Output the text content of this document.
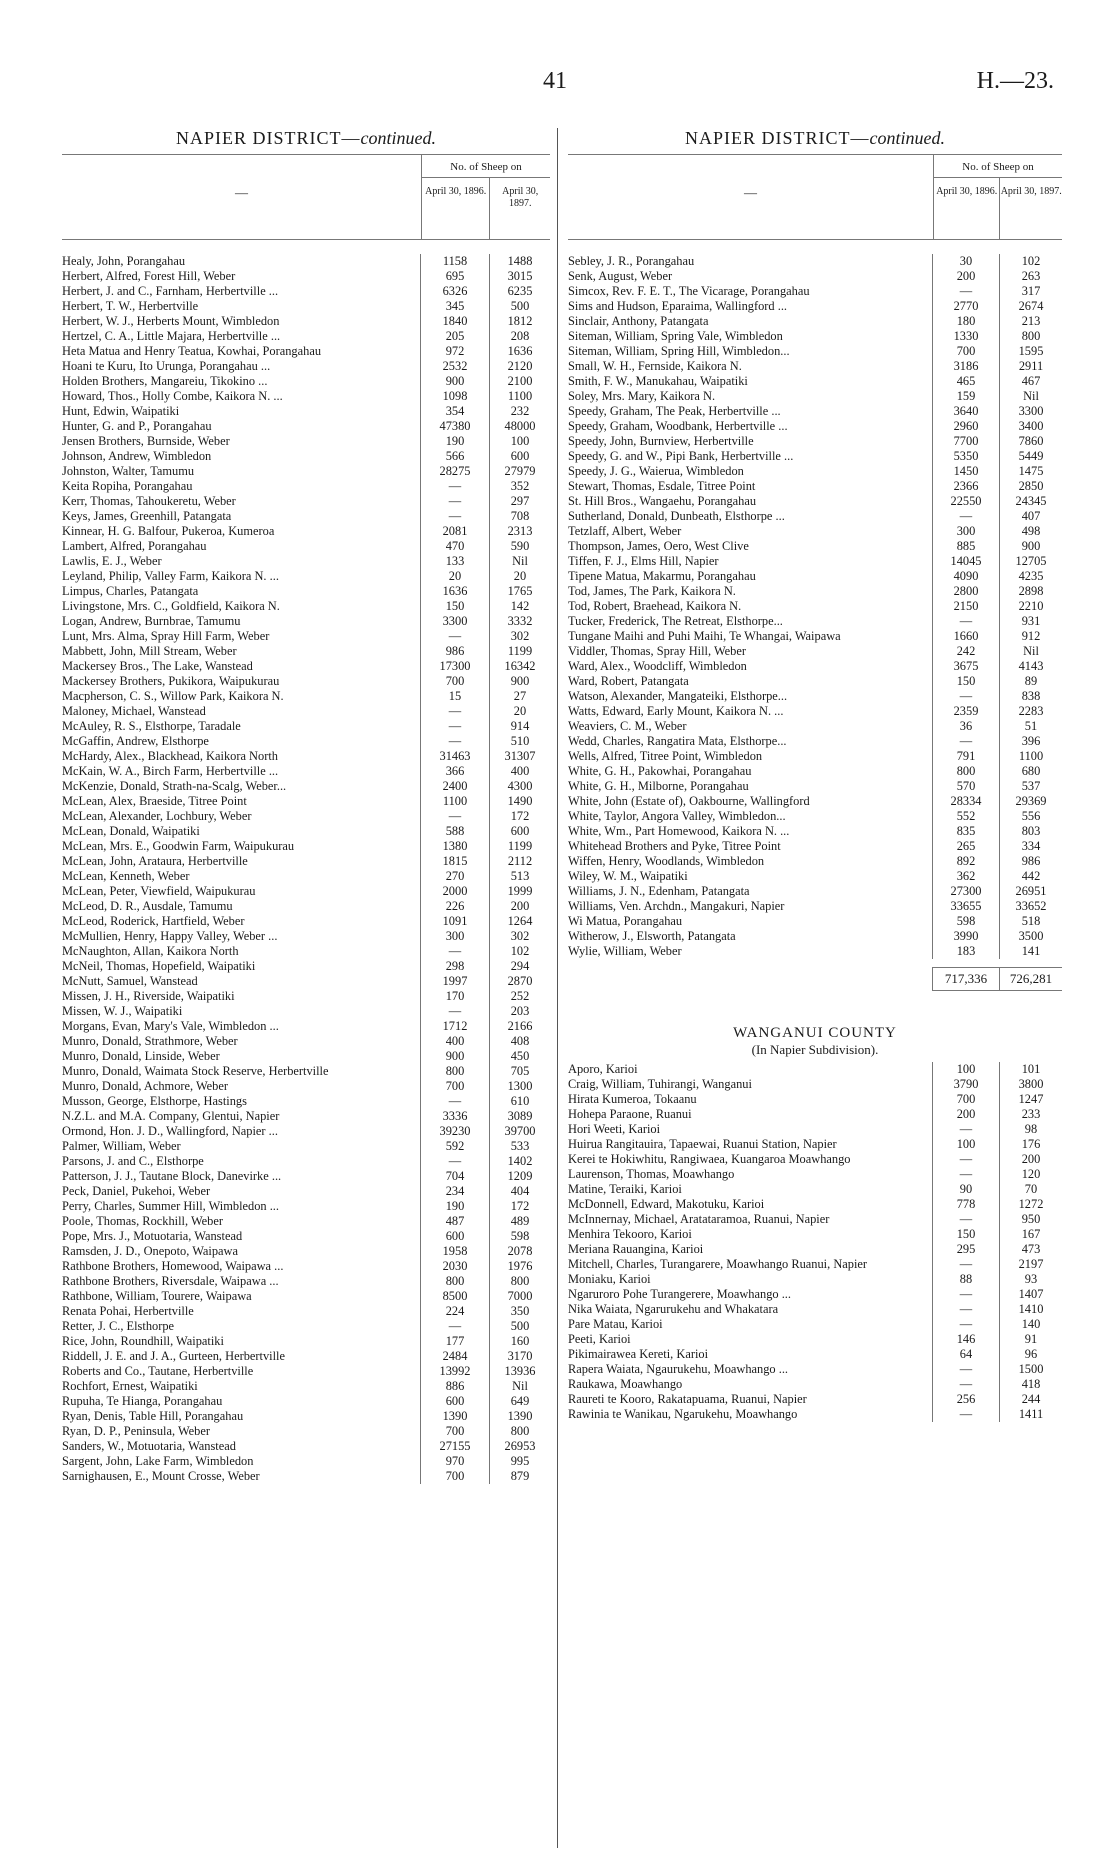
41	H.—23.
NAPIER DISTRICT—continued.
—
No. of Sheep on
April 30, 1896.	April 30, 1897.
Healy, John, Porangahau	1158	1488
Herbert, Alfred, Forest Hill, Weber	695	3015
Herbert, J. and C., Farnham, Herbertville ...	6326	6235
Herbert, T. W., Herbertville	345	500
Herbert, W. J., Herberts Mount, Wimbledon	1840	1812
Hertzel, C. A., Little Majara, Herbertville ...	205	208
Heta Matua and Henry Teatua, Kowhai, Porangahau	972	1636
Hoani te Kuru, Ito Urunga, Porangahau ...	2532	2120
Holden Brothers, Mangareiu, Tikokino ...	900	2100
Howard, Thos., Holly Combe, Kaikora N. ...	1098	1100
Hunt, Edwin, Waipatiki	354	232
Hunter, G. and P., Porangahau	47380	48000
Jensen Brothers, Burnside, Weber	190	100
Johnson, Andrew, Wimbledon	566	600
Johnston, Walter, Tamumu	28275	27979
Keita Ropiha, Porangahau	—	352
Kerr, Thomas, Tahoukeretu, Weber	—	297
Keys, James, Greenhill, Patangata	—	708
Kinnear, H. G. Balfour, Pukeroa, Kumeroa	2081	2313
Lambert, Alfred, Porangahau	470	590
Lawlis, E. J., Weber	133	Nil
Leyland, Philip, Valley Farm, Kaikora N. ...	20	20
Limpus, Charles, Patangata	1636	1765
Livingstone, Mrs. C., Goldfield, Kaikora N.	150	142
Logan, Andrew, Burnbrae, Tamumu	3300	3332
Lunt, Mrs. Alma, Spray Hill Farm, Weber	—	302
Mabbett, John, Mill Stream, Weber	986	1199
Mackersey Bros., The Lake, Wanstead	17300	16342
Mackersey Brothers, Pukikora, Waipukurau	700	900
Macpherson, C. S., Willow Park, Kaikora N.	15	27
Maloney, Michael, Wanstead	—	20
McAuley, R. S., Elsthorpe, Taradale	—	914
McGaffin, Andrew, Elsthorpe	—	510
McHardy, Alex., Blackhead, Kaikora North	31463	31307
McKain, W. A., Birch Farm, Herbertville ...	366	400
McKenzie, Donald, Strath-na-Scalg, Weber...	2400	4300
McLean, Alex, Braeside, Titree Point	1100	1490
McLean, Alexander, Lochbury, Weber	—	172
McLean, Donald, Waipatiki	588	600
McLean, Mrs. E., Goodwin Farm, Waipukurau	1380	1199
McLean, John, Arataura, Herbertville	1815	2112
McLean, Kenneth, Weber	270	513
McLean, Peter, Viewfield, Waipukurau	2000	1999
McLeod, D. R., Ausdale, Tamumu	226	200
McLeod, Roderick, Hartfield, Weber	1091	1264
McMullien, Henry, Happy Valley, Weber ...	300	302
McNaughton, Allan, Kaikora North	—	102
McNeil, Thomas, Hopefield, Waipatiki	298	294
McNutt, Samuel, Wanstead	1997	2870
Missen, J. H., Riverside, Waipatiki	170	252
Missen, W. J., Waipatiki	—	203
Morgans, Evan, Mary's Vale, Wimbledon ...	1712	2166
Munro, Donald, Strathmore, Weber	400	408
Munro, Donald, Linside, Weber	900	450
Munro, Donald, Waimata Stock Reserve, Herbertville	800	705
Munro, Donald, Achmore, Weber	700	1300
Musson, George, Elsthorpe, Hastings	—	610
N.Z.L. and M.A. Company, Glentui, Napier	3336	3089
Ormond, Hon. J. D., Wallingford, Napier ...	39230	39700
Palmer, William, Weber	592	533
Parsons, J. and C., Elsthorpe	—	1402
Patterson, J. J., Tautane Block, Danevirke ...	704	1209
Peck, Daniel, Pukehoi, Weber	234	404
Perry, Charles, Summer Hill, Wimbledon ...	190	172
Poole, Thomas, Rockhill, Weber	487	489
Pope, Mrs. J., Motuotaria, Wanstead	600	598
Ramsden, J. D., Onepoto, Waipawa	1958	2078
Rathbone Brothers, Homewood, Waipawa ...	2030	1976
Rathbone Brothers, Riversdale, Waipawa ...	800	800
Rathbone, William, Tourere, Waipawa	8500	7000
Renata Pohai, Herbertville	224	350
Retter, J. C., Elsthorpe	—	500
Rice, John, Roundhill, Waipatiki	177	160
Riddell, J. E. and J. A., Gurteen, Herbertville	2484	3170
Roberts and Co., Tautane, Herbertville	13992	13936
Rochfort, Ernest, Waipatiki	886	Nil
Rupuha, Te Hianga, Porangahau	600	649
Ryan, Denis, Table Hill, Porangahau	1390	1390
Ryan, D. P., Peninsula, Weber	700	800
Sanders, W., Motuotaria, Wanstead	27155	26953
Sargent, John, Lake Farm, Wimbledon	970	995
Sarnighausen, E., Mount Crosse, Weber	700	879
NAPIER DISTRICT—continued.
—
No. of Sheep on
April 30, 1896. April 30, 1897.
Sebley, J. R., Porangahau	30	102
Senk, August, Weber	200	263
Simcox, Rev. F. E. T., The Vicarage, Porangahau	—	317
Sims and Hudson, Eparaima, Wallingford ...	2770	2674
Sinclair, Anthony, Patangata	180	213
Siteman, William, Spring Vale, Wimbledon	1330	800
Siteman, William, Spring Hill, Wimbledon...	700	1595
Small, W. H., Fernside, Kaikora N.	3186	2911
Smith, F. W., Manukahau, Waipatiki	465	467
Soley, Mrs. Mary, Kaikora N.	159	Nil
Speedy, Graham, The Peak, Herbertville ...	3640	3300
Speedy, Graham, Woodbank, Herbertville ...	2960	3400
Speedy, John, Burnview, Herbertville	7700	7860
Speedy, G. and W., Pipi Bank, Herbertville ...	5350	5449
Speedy, J. G., Waierua, Wimbledon	1450	1475
Stewart, Thomas, Esdale, Titree Point	2366	2850
St. Hill Bros., Wangaehu, Porangahau	22550	24345
Sutherland, Donald, Dunbeath, Elsthorpe ...	—	407
Tetzlaff, Albert, Weber	300	498
Thompson, James, Oero, West Clive	885	900
Tiffen, F. J., Elms Hill, Napier	14045	12705
Tipene Matua, Makarmu, Porangahau	4090	4235
Tod, James, The Park, Kaikora N.	2800	2898
Tod, Robert, Braehead, Kaikora N.	2150	2210
Tucker, Frederick, The Retreat, Elsthorpe...	—	931
Tungane Maihi and Puhi Maihi, Te Whangai, Waipawa	1660	912
Viddler, Thomas, Spray Hill, Weber	242	Nil
Ward, Alex., Woodcliff, Wimbledon	3675	4143
Ward, Robert, Patangata	150	89
Watson, Alexander, Mangateiki, Elsthorpe...	—	838
Watts, Edward, Early Mount, Kaikora N. ...	2359	2283
Weaviers, C. M., Weber	36	51
Wedd, Charles, Rangatira Mata, Elsthorpe...	—	396
Wells, Alfred, Titree Point, Wimbledon	791	1100
White, G. H., Pakowhai, Porangahau	800	680
White, G. H., Milborne, Porangahau	570	537
White, John (Estate of), Oakbourne, Wallingford	28334	29369
White, Taylor, Angora Valley, Wimbledon...	552	556
White, Wm., Part Homewood, Kaikora N. ...	835	803
Whitehead Brothers and Pyke, Titree Point	265	334
Wiffen, Henry, Woodlands, Wimbledon	892	986
Wiley, W. M., Waipatiki	362	442
Williams, J. N., Edenham, Patangata	27300	26951
Williams, Ven. Archdn., Mangakuri, Napier	33655	33652
Wi Matua, Porangahau	598	518
Witherow, J., Elsworth, Patangata	3990	3500
Wylie, William, Weber	183	141
717,336	726,281
WANGANUI COUNTY
(In Napier Subdivision).
Aporo, Karioi	100	101
Craig, William, Tuhirangi, Wanganui	3790	3800
Hirata Kumeroa, Tokaanu	700	1247
Hohepa Paraone, Ruanui	200	233
Hori Weeti, Karioi	—	98
Huirua Rangitauira, Tapaewai, Ruanui Station, Napier	100	176
Kerei te Hokiwhitu, Rangiwaea, Kuangaroa Moawhango	—	200
Laurenson, Thomas, Moawhango	—	120
Matine, Teraiki, Karioi	90	70
McDonnell, Edward, Makotuku, Karioi	778	1272
McInnernay, Michael, Aratataramoa, Ruanui, Napier	—	950
Menhira Tekooro, Karioi	150	167
Meriana Rauangina, Karioi	295	473
Mitchell, Charles, Turangarere, Moawhango Ruanui, Napier	—	2197
Moniaku, Karioi	88	93
Ngaruroro Pohe Turangerere, Moawhango ...	—	1407
Nika Waiata, Ngarurukehu and Whakatara	—	1410
Pare Matau, Karioi	—	140
Peeti, Karioi	146	91
Pikimairawea Kereti, Karioi	64	96
Rapera Waiata, Ngaurukehu, Moawhango ...	—	1500
Raukawa, Moawhango	—	418
Raureti te Kooro, Rakatapuama, Ruanui, Napier	256	244
Rawinia te Wanikau, Ngarukehu, Moawhango	—	1411
